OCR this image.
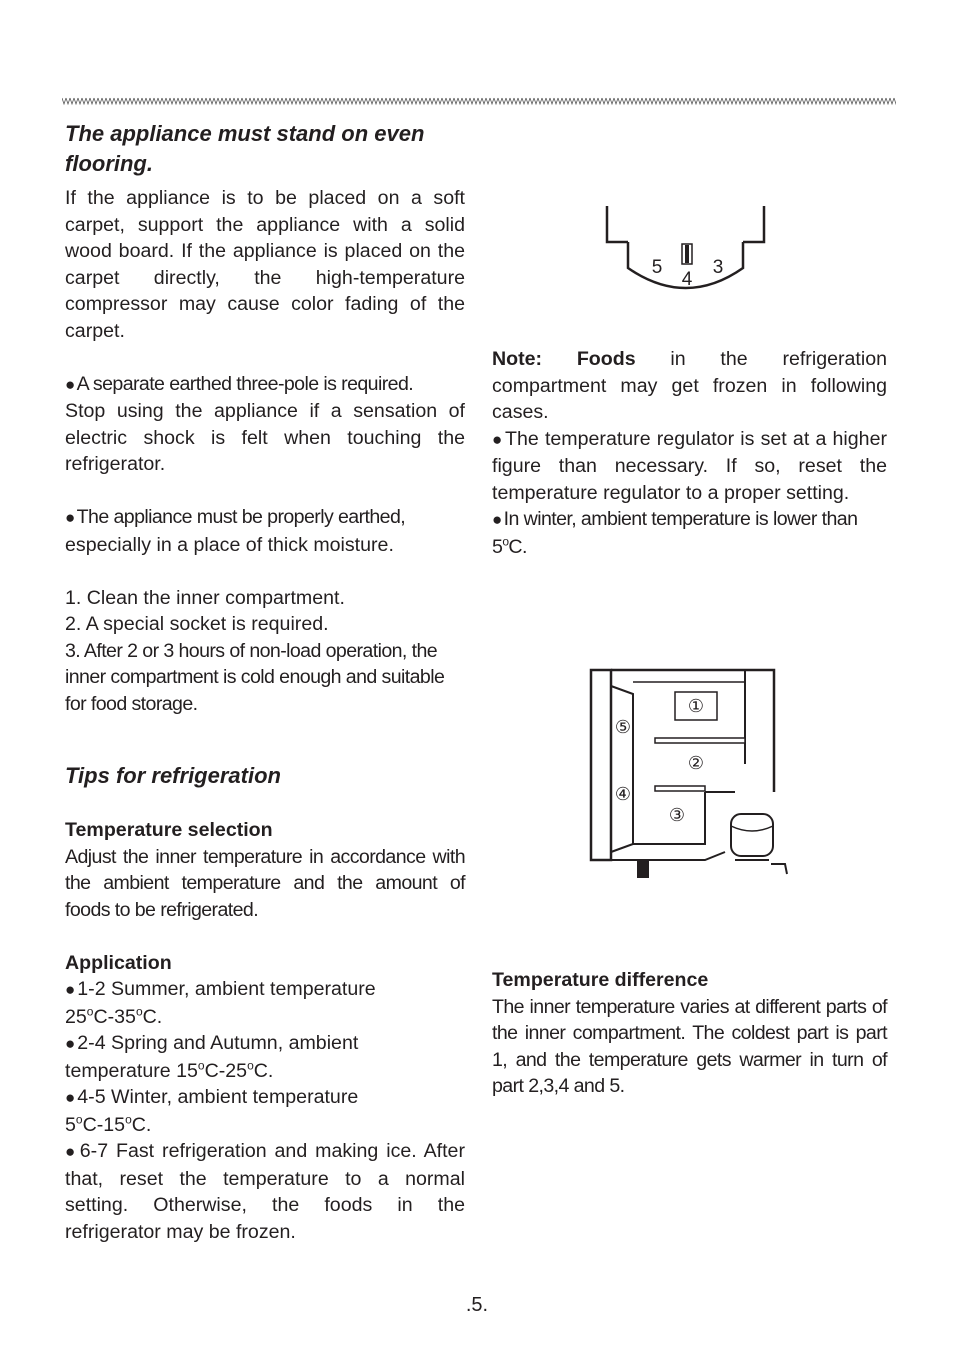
The appliance must stand on even flooring.

If the appliance is to be placed on a soft carpet, support the appliance with a solid wood board. If the appliance is placed on the carpet directly, the high-temperature compressor may cause color fading of the carpet.

● A separate earthed three-pole is required.

Stop using the appliance if a sensation of electric shock is felt when touching the refrigerator.

● The appliance must be properly earthed,

especially in a place of thick moisture.

1. Clean the inner compartment.

2. A special socket is required.

3. After 2 or 3 hours of non-load operation, the inner compartment is cold enough and suitable for food storage.

Tips for refrigeration

Temperature selection

Adjust the inner temperature in accordance with the ambient temperature and the amount of foods to be refrigerated.

Application

● 1-2 Summer, ambient temperature

25$^o$C-35$^o$C.

● 2-4 Spring and Autumn, ambient

temperature 15$^o$C-25$^o$C.

● 4-5 Winter, ambient temperature

5$^o$C-15$^o$C.

● 6-7 Fast refrigeration and making ice. After that, reset the temperature to a normal setting. Otherwise, the foods in the refrigerator may be frozen.

5
4
3

Note: Foods in the refrigeration compartment may get frozen in following cases.

● The temperature regulator is set at a higher figure than necessary. If so, reset the temperature regulator to a proper setting.

● In winter, ambient temperature is lower than 5$^o$C.

①
②
③
④
⑤

Temperature difference

The inner temperature varies at different parts of the inner compartment. The coldest part is part 1, and the temperature gets warmer in turn of part 2,3,4 and 5.

.5.
